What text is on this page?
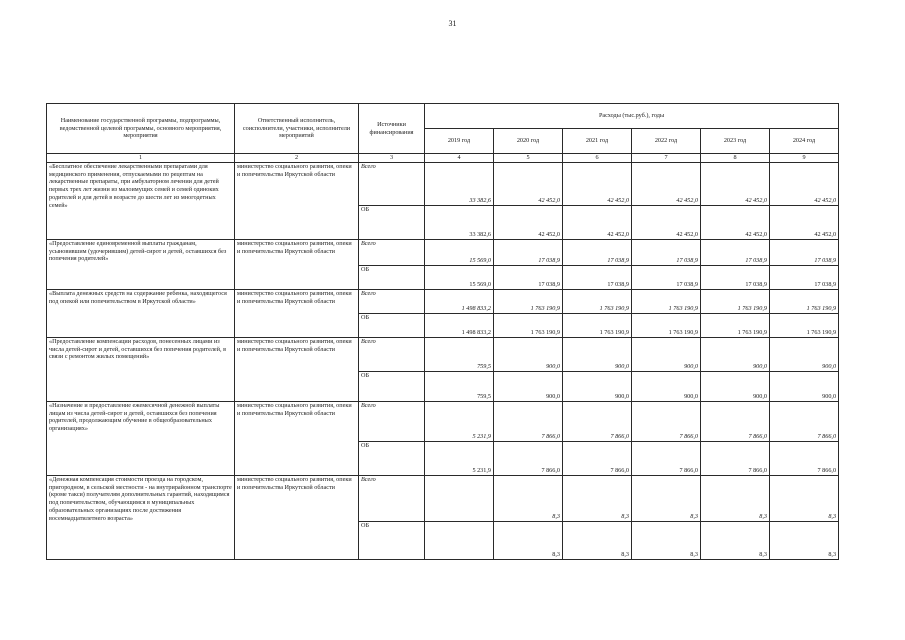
31
Наименование государственной программы, подпрограммы, ведомственной целевой программы, основного мероприятия, мероприятия	Ответственный исполнитель, соисполнители, участники, исполнители мероприятий	Источники финансирования	Расходы (тыс.руб.), годы					
			2019 год	2020 год	2021 год	2022 год	2023 год	2024 год
1	2	3	4	5	6	7	8	9
«Бесплатное обеспечение лекарственными препаратами для медицинского применения, отпускаемыми по рецептам на лекарственные препараты, при амбулаторном лечении для детей первых трех лет жизни из малоимущих семей и семей одиноких родителей и для детей в возрасте до шести лет из многодетных семей»	министерство социального развития, опеки и попечительства Иркутской области	Всего	33 382,6	42 452,0	42 452,0	42 452,0	42 452,0	42 452,0
		ОБ	33 382,6	42 452,0	42 452,0	42 452,0	42 452,0	42 452,0
«Предоставление единовременной выплаты гражданам, усыновившим (удочерившим) детей-сирот и детей, оставшихся без попечения родителей»	министерство социального развития, опеки и попечительства Иркутской области	Всего	15 569,0	17 038,9	17 038,9	17 038,9	17 038,9	17 038,9
		ОБ	15 569,0	17 038,9	17 038,9	17 038,9	17 038,9	17 038,9
«Выплата денежных средств на содержание ребенка, находящегося под опекой или попечительством в Иркутской области»	министерство социального развития, опеки и попечительства Иркутской области	Всего	1 498 833,2	1 763 190,9	1 763 190,9	1 763 190,9	1 763 190,9	1 763 190,9
		ОБ	1 498 833,2	1 763 190,9	1 763 190,9	1 763 190,9	1 763 190,9	1 763 190,9
«Предоставление компенсации расходов, понесенных лицами из числа детей-сирот и детей, оставшихся без попечения родителей, в связи с ремонтом жилых помещений»	министерство социального развития, опеки и попечительства Иркутской области	Всего	759,5	900,0	900,0	900,0	900,0	900,0
		ОБ	759,5	900,0	900,0	900,0	900,0	900,0
«Назначение и предоставление ежемесячной денежной выплаты лицам из числа детей-сирот и детей, оставшихся без попечения родителей, продолжающим обучение в общеобразовательных организациях»	министерство социального развития, опеки и попечительства Иркутской области	Всего	5 231,9	7 866,0	7 866,0	7 866,0	7 866,0	7 866,0
		ОБ	5 231,9	7 866,0	7 866,0	7 866,0	7 866,0	7 866,0
«Денежная компенсация стоимости проезда на городском, пригородном, в сельской местности - на внутрирайонном транспорте (кроме такси) получателям дополнительных гарантий, находящимся под попечительством, обучающимся в муниципальных образовательных организациях после достижения восемнадцатилетнего возраста»	министерство социального развития, опеки и попечительства Иркутской области	Всего		8,3	8,3	8,3	8,3	8,3
		ОБ		8,3	8,3	8,3	8,3	8,3
